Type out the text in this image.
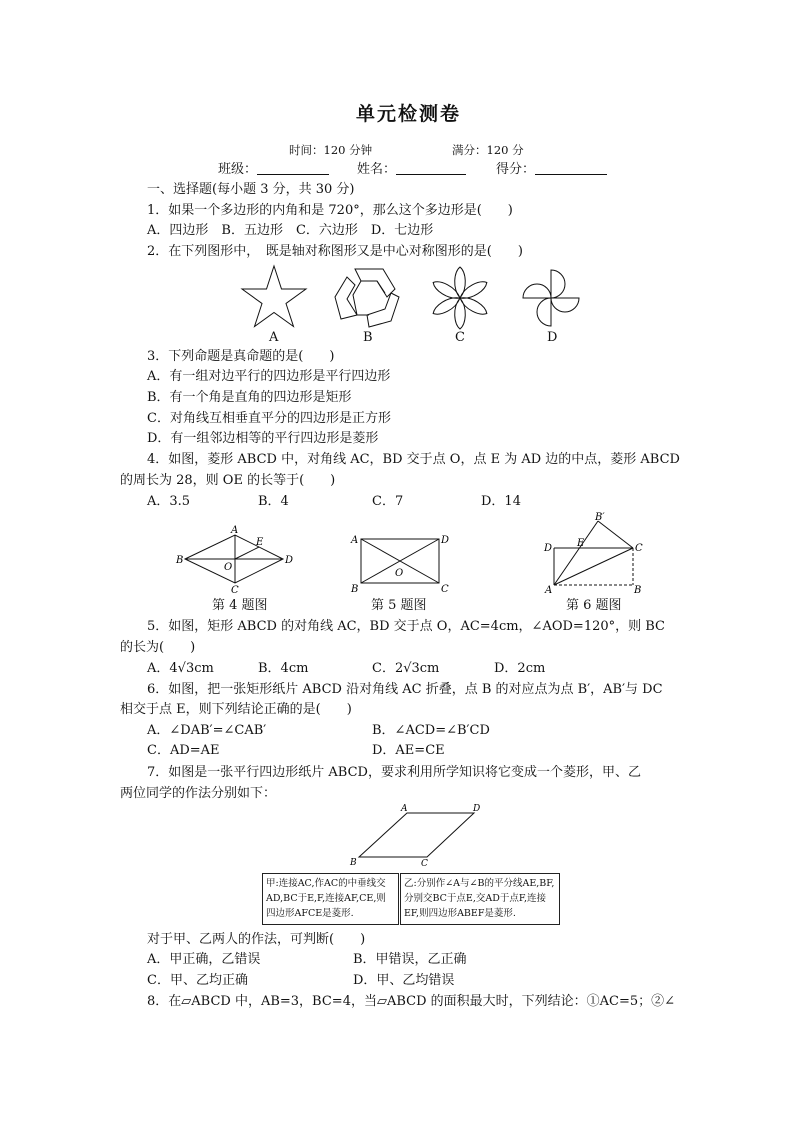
单元检测卷
时间：120 分钟	满分：120 分
班级：	姓名：	得分：
一、选择题(每小题 3 分，共 30 分)
1．如果一个多边形的内角和是 720°，那么这个多边形是(　　)
A．四边形　B．五边形　C．六边形　D．七边形
2．在下列图形中，　既是轴对称图形又是中心对称图形的是(　　)
A	B	C	D
3．下列命题是真命题的是(　　)
A．有一组对边平行的四边形是平行四边形
B．有一个角是直角的四边形是矩形
C．对角线互相垂直平分的四边形是正方形
D．有一组邻边相等的平行四边形是菱形
4．如图，菱形 ABCD 中，对角线 AC，BD 交于点 O，点 E 为 AD 边的中点，菱形 ABCD
的周长为 28，则 OE 的长等于(　　)
A．3.5	B．4	C．7	D．14
A
B
C
D
E
O
第 4 题图
A
B	C
D
O
第 5 题图
A	B
C
D E
B′
第 6 题图
5．如图，矩形 ABCD 的对角线 AC，BD 交于点 O，AC=4cm，∠AOD=120°，则 BC
的长为(　　)
A．4√3cm	B．4cm	C．2√3cm	D．2cm
6．如图，把一张矩形纸片 ABCD 沿对角线 AC 折叠，点 B 的对应点为点 B′，AB′与 DC
相交于点 E，则下列结论正确的是(　　)
A．∠DAB′=∠CAB′	B．∠ACD=∠B′CD
C．AD=AE	D．AE=CE
7．如图是一张平行四边形纸片 ABCD，要求利用所学知识将它变成一个菱形，甲、乙
两位同学的作法分别如下：
A
B	C
D
甲:连接AC,作AC的中垂线交AD,BC于E,F,连接AF,CE,则四边形AFCE是菱形.
乙:分别作∠A与∠B的平分线AE,BF,分别交BC于点E,交AD于点F,连接EF,则四边形ABEF是菱形.
对于甲、乙两人的作法，可判断(　　)
A．甲正确，乙错误	B．甲错误，乙正确
C．甲、乙均正确	D．甲、乙均错误
8．在▱ABCD 中，AB=3，BC=4，当▱ABCD 的面积最大时，下列结论：①AC=5；②∠
